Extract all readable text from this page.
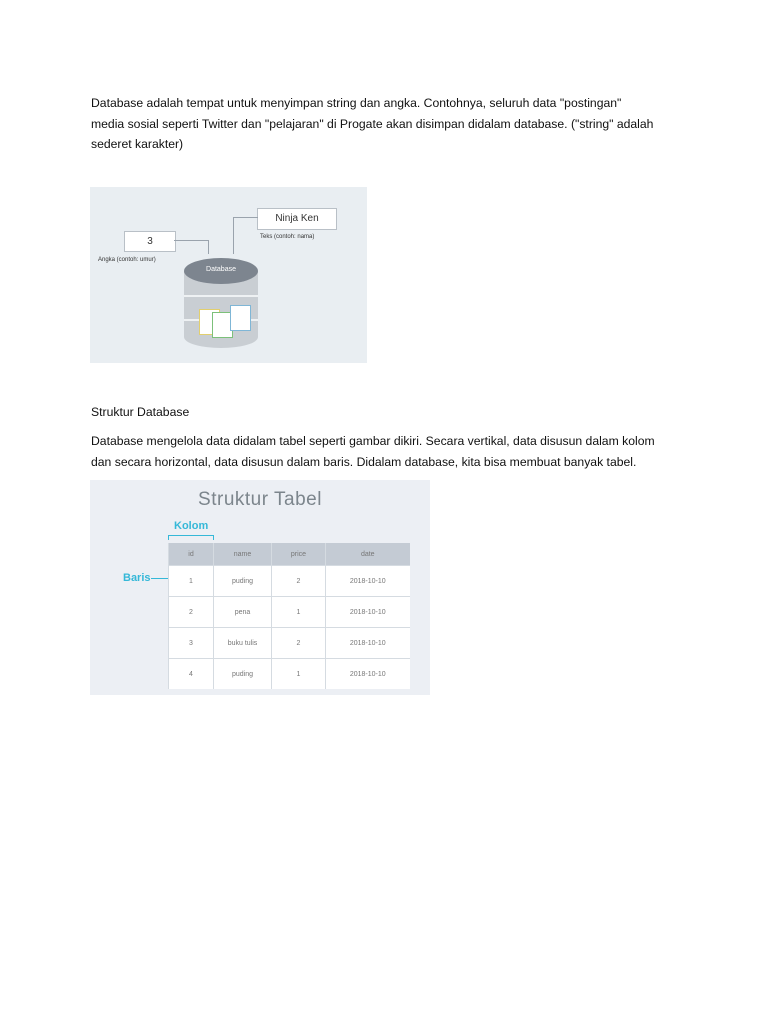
Database adalah tempat untuk menyimpan string dan angka. Contohnya, seluruh data "postingan"
media sosial seperti Twitter dan "pelajaran" di Progate akan disimpan didalam database. ("string" adalah
sederet karakter)

3
Angka (contoh: umur)
Ninja Ken
Teks (contoh: nama)
Database
Struktur Database

Database mengelola data didalam tabel seperti gambar dikiri. Secara vertikal, data disusun dalam kolom
dan secara horizontal, data disusun dalam baris. Didalam database, kita bisa membuat banyak tabel.

Struktur Tabel
Kolom
Baris
id	name	price	date
1	puding	2	2018-10-10
2	pena	1	2018-10-10
3	buku tulis	2	2018-10-10
4	puding	1	2018-10-10
